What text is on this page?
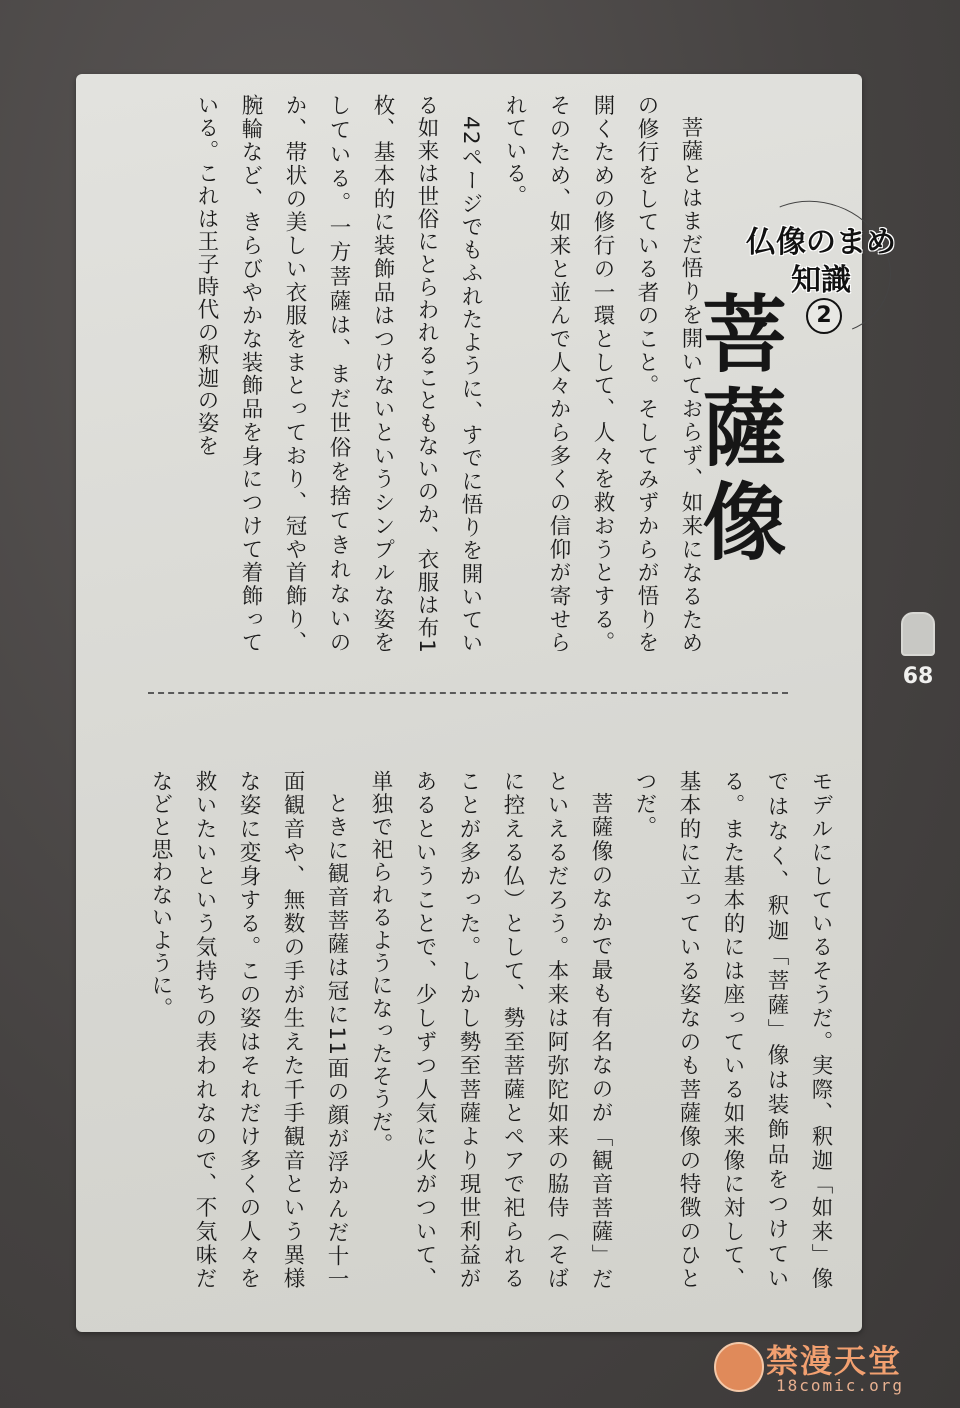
仏像のまめ知識
2
菩薩像

菩薩とはまだ悟りを開いておらず、如来になるための修行をしている者のこと。そしてみずからが悟りを開くための修行の一環として、人々を救おうとする。そのため、如来と並んで人々から多くの信仰が寄せられている。

42ページでもふれたように、すでに悟りを開いている如来は世俗にとらわれることもないのか、衣服は布1枚、基本的に装飾品はつけないというシンプルな姿をしている。一方菩薩は、まだ世俗を捨てきれないのか、帯状の美しい衣服をまとっており、冠や首飾り、腕輪など、きらびやかな装飾品を身につけて着飾っている。これは王子時代の釈迦の姿を

モデルにしているそうだ。実際、釈迦「如来」像ではなく、釈迦「菩薩」像は装飾品をつけている。また基本的には座っている如来像に対して、基本的に立っている姿なのも菩薩像の特徴のひとつだ。

菩薩像のなかで最も有名なのが「観音菩薩」だといえるだろう。本来は阿弥陀如来の脇侍（そばに控える仏）として、勢至菩薩とペアで祀られることが多かった。しかし勢至菩薩より現世利益があるということで、少しずつ人気に火がついて、単独で祀られるようになったそうだ。

ときに観音菩薩は冠に11面の顔が浮かんだ十一面観音や、無数の手が生えた千手観音という異様な姿に変身する。この姿はそれだけ多くの人々を救いたいという気持ちの表われなので、不気味だなどと思わないように。

68
禁漫天堂
18comic.org
